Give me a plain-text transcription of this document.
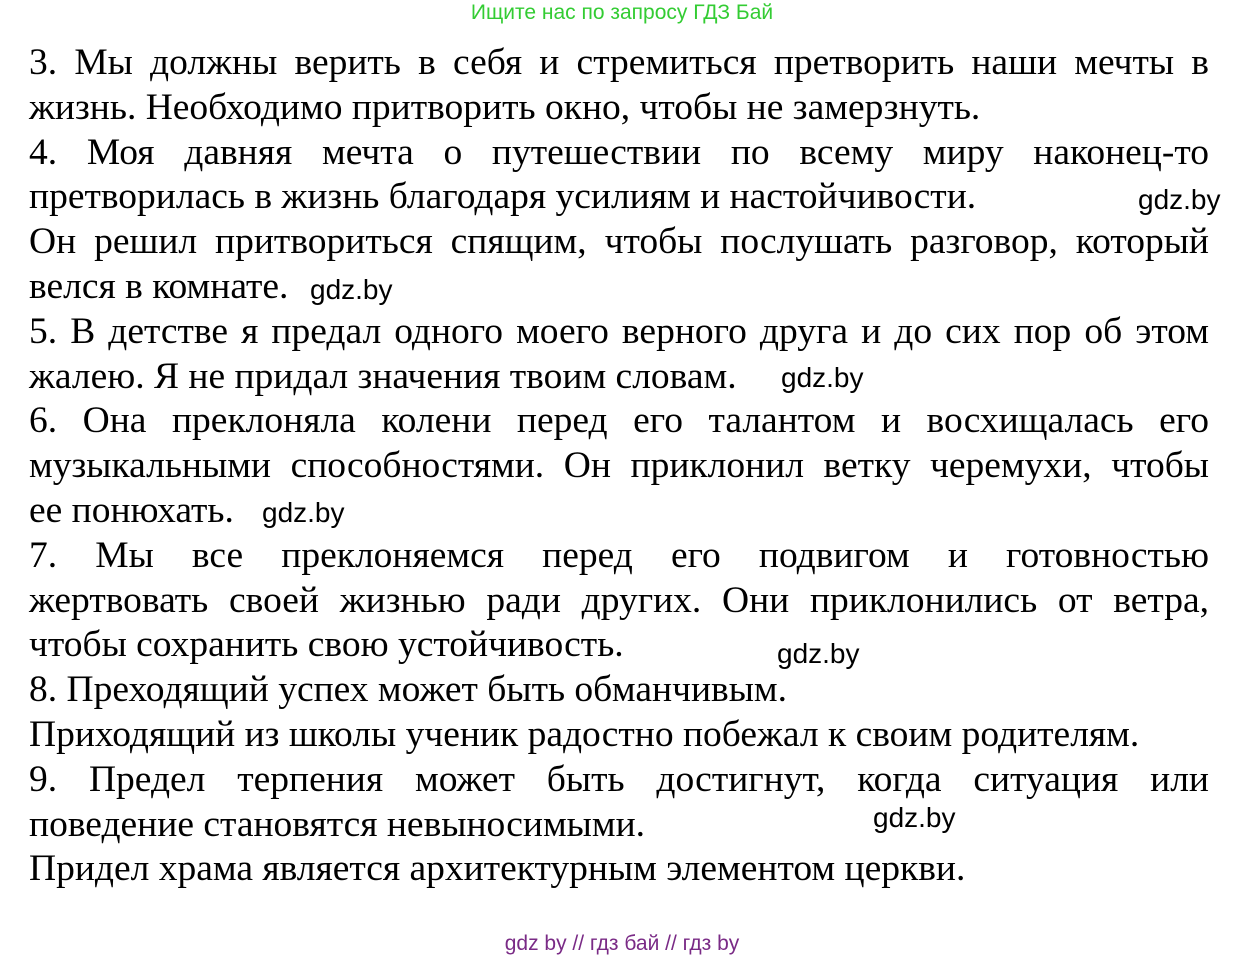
Ищите нас по запросу ГДЗ Бай
3. Мы должны верить в себя и стремиться претворить наши мечты в
жизнь. Необходимо притворить окно, чтобы не замерзнуть.
4. Моя давняя мечта о путешествии по всему миру наконец-то
претворилась в жизнь благодаря усилиям и настойчивости.
Он решил притвориться спящим, чтобы послушать разговор, который
велся в комнате.
5. В детстве я предал одного моего верного друга и до сих пор об этом
жалею. Я не придал значения твоим словам.
6. Она преклоняла колени перед его талантом и восхищалась его
музыкальными способностями. Он приклонил ветку черемухи, чтобы
ее понюхать.
7. Мы все преклоняемся перед его подвигом и готовностью
жертвовать своей жизнью ради других. Они приклонились от ветра,
чтобы сохранить свою устойчивость.
8. Преходящий успех может быть обманчивым.
Приходящий из школы ученик радостно побежал к своим родителям.
9. Предел терпения может быть достигнут, когда ситуация или
поведение становятся невыносимыми.
Придел храма является архитектурным элементом церкви.
gdz.by
gdz.by
gdz.by
gdz.by
gdz.by
gdz.by
gdz by // гдз бай // гдз by
